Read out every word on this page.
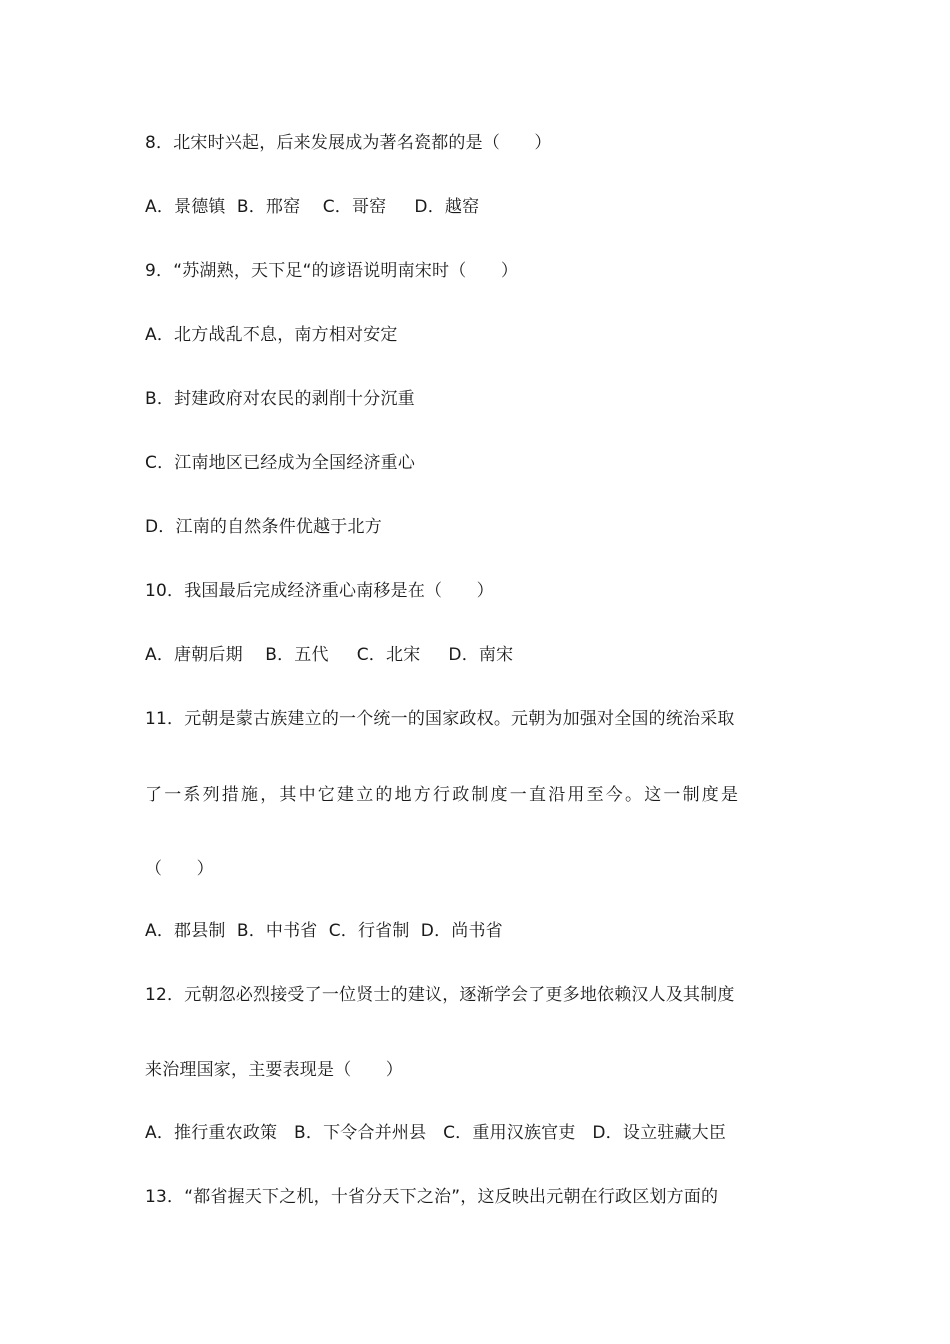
8．北宋时兴起，后来发展成为著名瓷都的是（　　）
A．景德镇  B．邢窑    C．哥窑     D．越窑
9．“苏湖熟，天下足“的谚语说明南宋时（　　）
A．北方战乱不息，南方相对安定
B．封建政府对农民的剥削十分沉重
C．江南地区已经成为全国经济重心
D．江南的自然条件优越于北方
10．我国最后完成经济重心南移是在（　　）
A．唐朝后期    B．五代     C．北宋     D．南宋
11．元朝是蒙古族建立的一个统一的国家政权。元朝为加强对全国的统治采取
了一系列措施，其中它建立的地方行政制度一直沿用至今。这一制度是
（　　）
A．郡县制  B．中书省  C．行省制  D．尚书省
12．元朝忽必烈接受了一位贤士的建议，逐渐学会了更多地依赖汉人及其制度
来治理国家，主要表现是（　　）
A．推行重农政策   B．下令合并州县   C．重用汉族官吏   D．设立驻藏大臣
13．“都省握天下之机，十省分天下之治”，这反映出元朝在行政区划方面的
